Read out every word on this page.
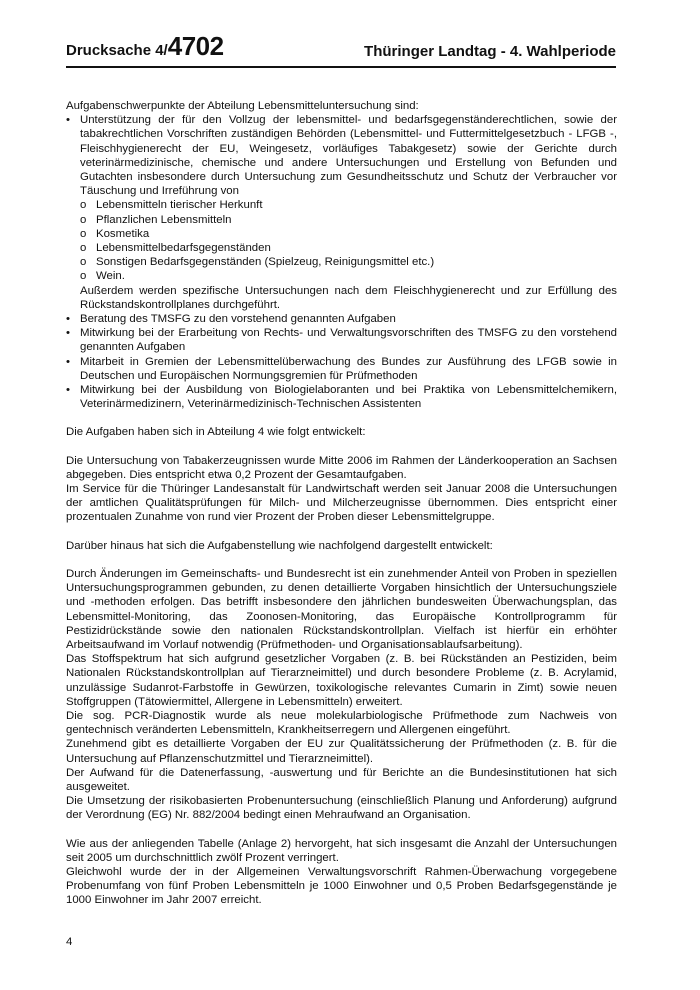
Drucksache 4/4702	Thüringer Landtag - 4. Wahlperiode

Aufgabenschwerpunkte der Abteilung Lebensmitteluntersuchung sind:

• Unterstützung der für den Vollzug der lebensmittel- und bedarfsgegenständerechtlichen, sowie der tabakrechtlichen Vorschriften zuständigen Behörden (Lebensmittel- und Futtermittelgesetzbuch - LFGB -, Fleischhygienerecht der EU, Weingesetz, vorläufiges Tabakgesetz) sowie der Gerichte durch veterinärmedizinische, chemische und andere Untersuchungen und Erstellung von Befunden und Gutachten insbesondere durch Untersuchung zum Gesundheitsschutz und Schutz der Verbraucher vor Täuschung und Irreführung von
o Lebensmitteln tierischer Herkunft
o Pflanzlichen Lebensmitteln
o Kosmetika
o Lebensmittelbedarfsgegenständen
o Sonstigen Bedarfsgegenständen (Spielzeug, Reinigungsmittel etc.)
o Wein.
Außerdem werden spezifische Untersuchungen nach dem Fleischhygienerecht und zur Erfüllung des Rückstandskontrollplanes durchgeführt.
• Beratung des TMSFG zu den vorstehend genannten Aufgaben
• Mitwirkung bei der Erarbeitung von Rechts- und Verwaltungsvorschriften des TMSFG zu den vorstehend genannten Aufgaben
• Mitarbeit in Gremien der Lebensmittelüberwachung des Bundes zur Ausführung des LFGB sowie in Deutschen und Europäischen Normungsgremien für Prüfmethoden
• Mitwirkung bei der Ausbildung von Biologielaboranten und bei Praktika von Lebensmittelchemikern, Veterinärmedizinern, Veterinärmedizinisch-Technischen Assistenten

Die Aufgaben haben sich in Abteilung 4 wie folgt entwickelt:

Die Untersuchung von Tabakerzeugnissen wurde Mitte 2006 im Rahmen der Länderkooperation an Sachsen abgegeben. Dies entspricht etwa 0,2 Prozent der Gesamtaufgaben.

Im Service für die Thüringer Landesanstalt für Landwirtschaft werden seit Januar 2008 die Untersuchungen der amtlichen Qualitätsprüfungen für Milch- und Milcherzeugnisse übernommen. Dies entspricht einer prozentualen Zunahme von rund vier Prozent der Proben dieser Lebensmittelgruppe.

Darüber hinaus hat sich die Aufgabenstellung wie nachfolgend dargestellt entwickelt:

Durch Änderungen im Gemeinschafts- und Bundesrecht ist ein zunehmender Anteil von Proben in speziellen Untersuchungsprogrammen gebunden, zu denen detaillierte Vorgaben hinsichtlich der Untersuchungsziele und -methoden erfolgen. Das betrifft insbesondere den jährlichen bundesweiten Überwachungsplan, das Lebensmittel-Monitoring, das Zoonosen-Monitoring, das Europäische Kontrollprogramm für Pestizidrückstände sowie den nationalen Rückstandskontrollplan. Vielfach ist hierfür ein erhöhter Arbeitsaufwand im Vorlauf notwendig (Prüfmethoden- und Organisationsablaufsarbeitung).

Das Stoffspektrum hat sich aufgrund gesetzlicher Vorgaben (z. B. bei Rückständen an Pestiziden, beim Nationalen Rückstandskontrollplan auf Tierarzneimittel) und durch besondere Probleme (z. B. Acrylamid, unzulässige Sudanrot-Farbstoffe in Gewürzen, toxikologische relevantes Cumarin in Zimt) sowie neuen Stoffgruppen (Tätowiermittel, Allergene in Lebensmitteln) erweitert.

Die sog. PCR-Diagnostik wurde als neue molekularbiologische Prüfmethode zum Nachweis von gentechnisch veränderten Lebensmitteln, Krankheitserregern und Allergenen eingeführt.

Zunehmend gibt es detaillierte Vorgaben der EU zur Qualitätssicherung der Prüfmethoden (z. B. für die Untersuchung auf Pflanzenschutzmittel und Tierarzneimittel).

Der Aufwand für die Datenerfassung, -auswertung und für Berichte an die Bundesinstitutionen hat sich ausgeweitet.

Die Umsetzung der risikobasierten Probenuntersuchung (einschließlich Planung und Anforderung) aufgrund der Verordnung (EG) Nr. 882/2004 bedingt einen Mehraufwand an Organisation.

Wie aus der anliegenden Tabelle (Anlage 2) hervorgeht, hat sich insgesamt die Anzahl der Untersuchungen seit 2005 um durchschnittlich zwölf Prozent verringert.

Gleichwohl wurde der in der Allgemeinen Verwaltungsvorschrift Rahmen-Überwachung vorgegebene Probenumfang von fünf Proben Lebensmitteln je 1000 Einwohner und 0,5 Proben Bedarfsgegenstände je 1000 Einwohner im Jahr 2007 erreicht.

4
